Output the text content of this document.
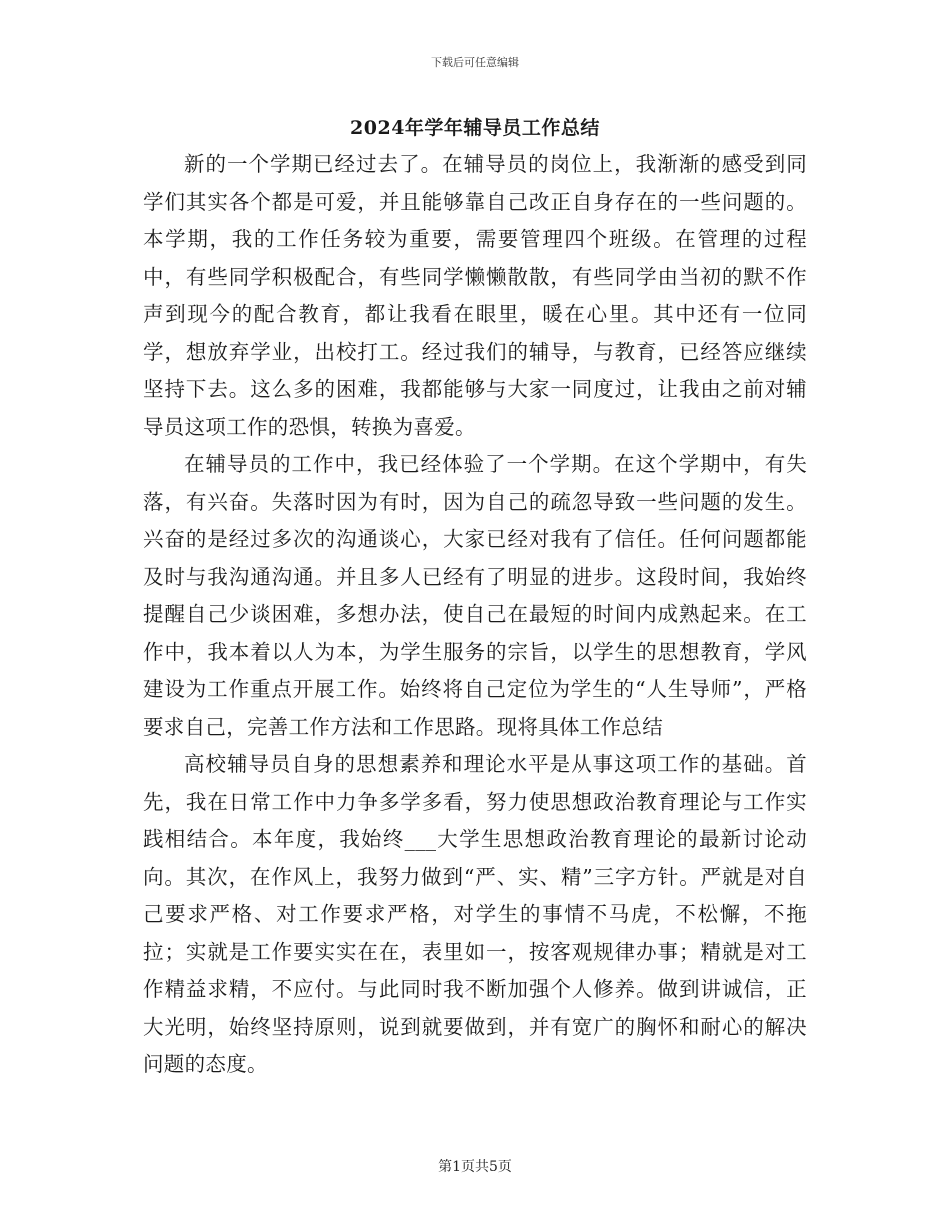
下载后可任意编辑
2024年学年辅导员工作总结

新的一个学期已经过去了。在辅导员的岗位上，我渐渐的感受到同学们其实各个都是可爱，并且能够靠自己改正自身存在的一些问题的。本学期，我的工作任务较为重要，需要管理四个班级。在管理的过程中，有些同学积极配合，有些同学懒懒散散，有些同学由当初的默不作声到现今的配合教育，都让我看在眼里，暖在心里。其中还有一位同学，想放弃学业，出校打工。经过我们的辅导，与教育，已经答应继续坚持下去。这么多的困难，我都能够与大家一同度过，让我由之前对辅导员这项工作的恐惧，转换为喜爱。

在辅导员的工作中，我已经体验了一个学期。在这个学期中，有失落，有兴奋。失落时因为有时，因为自己的疏忽导致一些问题的发生。兴奋的是经过多次的沟通谈心，大家已经对我有了信任。任何问题都能及时与我沟通沟通。并且多人已经有了明显的进步。这段时间，我始终提醒自己少谈困难，多想办法，使自己在最短的时间内成熟起来。在工作中，我本着以人为本，为学生服务的宗旨，以学生的思想教育，学风建设为工作重点开展工作。始终将自己定位为学生的“人生导师”，严格要求自己，完善工作方法和工作思路。现将具体工作总结

高校辅导员自身的思想素养和理论水平是从事这项工作的基础。首先，我在日常工作中力争多学多看，努力使思想政治教育理论与工作实践相结合。本年度，我始终___大学生思想政治教育理论的最新讨论动向。其次，在作风上，我努力做到“严、实、精”三字方针。严就是对自己要求严格、对工作要求严格，对学生的事情不马虎，不松懈，不拖拉；实就是工作要实实在在，表里如一，按客观规律办事；精就是对工作精益求精，不应付。与此同时我不断加强个人修养。做到讲诚信，正大光明，始终坚持原则，说到就要做到，并有宽广的胸怀和耐心的解决问题的态度。

第1页共5页
